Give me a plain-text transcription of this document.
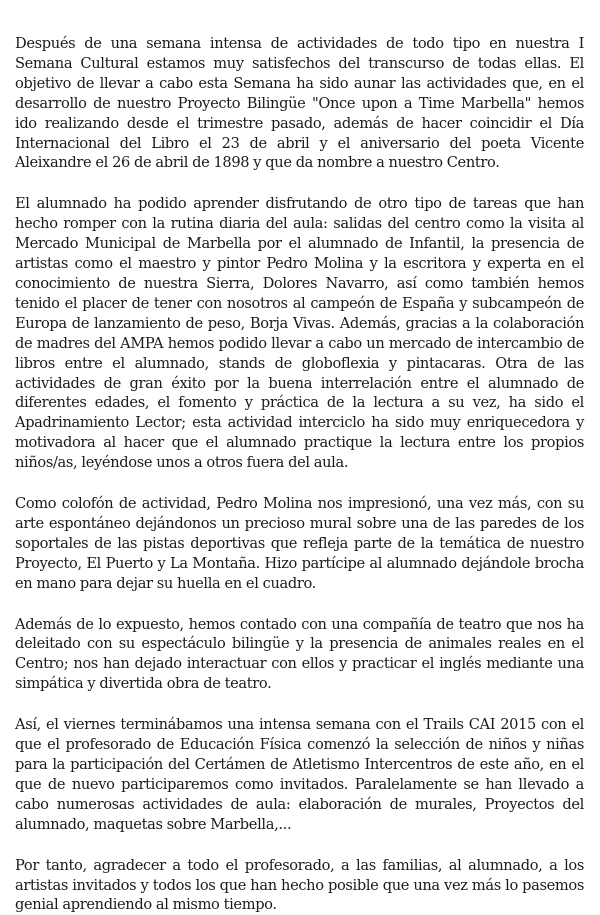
Después de una semana intensa de actividades de todo tipo en nuestra I Semana Cultural estamos muy satisfechos del transcurso de todas ellas. El objetivo de llevar a cabo esta Semana ha sido aunar las actividades que, en el desarrollo de nuestro Proyecto Bilingüe "Once upon a Time Marbella" hemos ido realizando desde el trimestre pasado, además de hacer coincidir el Día Internacional del Libro el 23 de abril y el aniversario del poeta Vicente Aleixandre el 26 de abril de 1898 y que da nombre a nuestro Centro.

El alumnado ha podido aprender disfrutando de otro tipo de tareas que han hecho romper con la rutina diaria del aula: salidas del centro como la visita al Mercado Municipal de Marbella por el alumnado de Infantil, la presencia de artistas como el maestro y pintor Pedro Molina y la escritora y experta en el conocimiento de nuestra Sierra, Dolores Navarro, así como también hemos tenido el placer de tener con nosotros al campeón de España y subcampeón de Europa de lanzamiento de peso, Borja Vivas. Además, gracias a la colaboración de madres del AMPA hemos podido llevar a cabo un mercado de intercambio de libros entre el alumnado, stands de globoflexia y pintacaras. Otra de las actividades de gran éxito por la buena interrelación entre el alumnado de diferentes edades, el fomento y práctica de la lectura a su vez, ha sido el Apadrinamiento Lector; esta actividad interciclo ha sido muy enriquecedora y motivadora al hacer que el alumnado practique la lectura entre los propios niños/as, leyéndose unos a otros fuera del aula.

Como colofón de actividad, Pedro Molina nos impresionó, una vez más, con su arte espontáneo dejándonos un precioso mural sobre una de las paredes de los soportales de las pistas deportivas que refleja parte de la temática de nuestro Proyecto, El Puerto y La Montaña. Hizo partícipe al alumnado dejándole brocha en mano para dejar su huella en el cuadro.

Además de lo expuesto, hemos contado con una compañía de teatro que nos ha deleitado con su espectáculo bilingüe y la presencia de animales reales en el Centro; nos han dejado interactuar con ellos y practicar el inglés mediante una simpática y divertida obra de teatro.

Así, el viernes terminábamos una intensa semana con el Trails CAI 2015 con el que el profesorado de Educación Física comenzó la selección de niños y niñas para la participación del Certámen de Atletismo Intercentros de este año, en el que de nuevo participaremos como invitados. Paralelamente se han llevado a cabo numerosas actividades de aula: elaboración de murales, Proyectos del alumnado, maquetas sobre Marbella,...

Por tanto, agradecer a todo el profesorado, a las familias, al alumnado, a los artistas invitados y todos los que han hecho posible que una vez más lo pasemos genial aprendiendo al mismo tiempo.
